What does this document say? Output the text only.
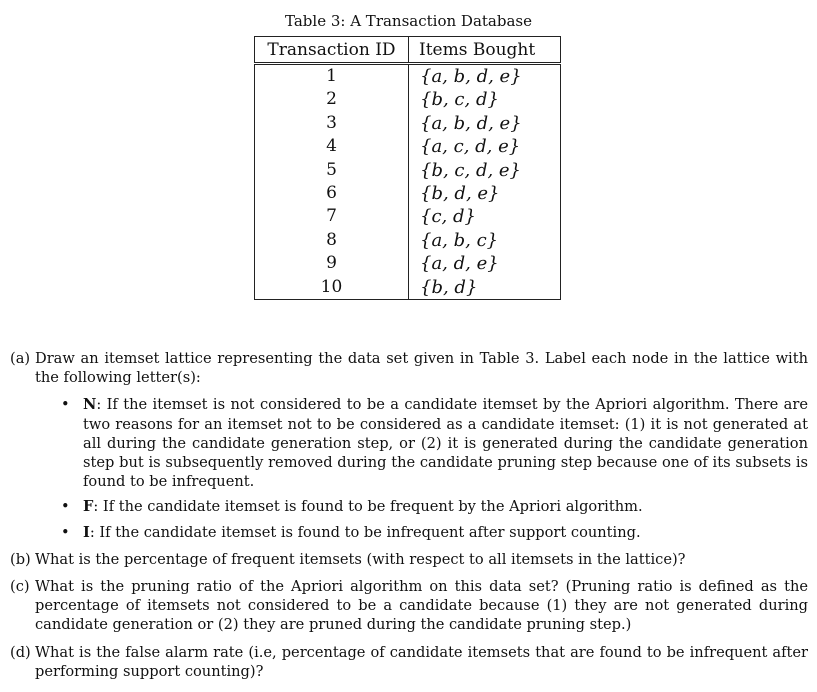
Table 3: A Transaction Database
Transaction ID	Items Bought
1	{a, b, d, e}
2	{b, c, d}
3	{a, b, d, e}
4	{a, c, d, e}
5	{b, c, d, e}
6	{b, d, e}
7	{c, d}
8	{a, b, c}
9	{a, d, e}
10	{b, d}
(a) Draw an itemset lattice representing the data set given in Table 3. Label each node in the lattice with the following letter(s):
• N: If the itemset is not considered to be a candidate itemset by the Apriori algorithm. There are two reasons for an itemset not to be considered as a candidate itemset: (1) it is not generated at all during the candidate generation step, or (2) it is generated during the candidate generation step but is subsequently removed during the candidate pruning step because one of its subsets is found to be infrequent.
• F: If the candidate itemset is found to be frequent by the Apriori algorithm.
• I: If the candidate itemset is found to be infrequent after support counting.
(b) What is the percentage of frequent itemsets (with respect to all itemsets in the lattice)?
(c) What is the pruning ratio of the Apriori algorithm on this data set? (Pruning ratio is defined as the percentage of itemsets not considered to be a candidate because (1) they are not generated during candidate generation or (2) they are pruned during the candidate pruning step.)
(d) What is the false alarm rate (i.e, percentage of candidate itemsets that are found to be infrequent after performing support counting)?
